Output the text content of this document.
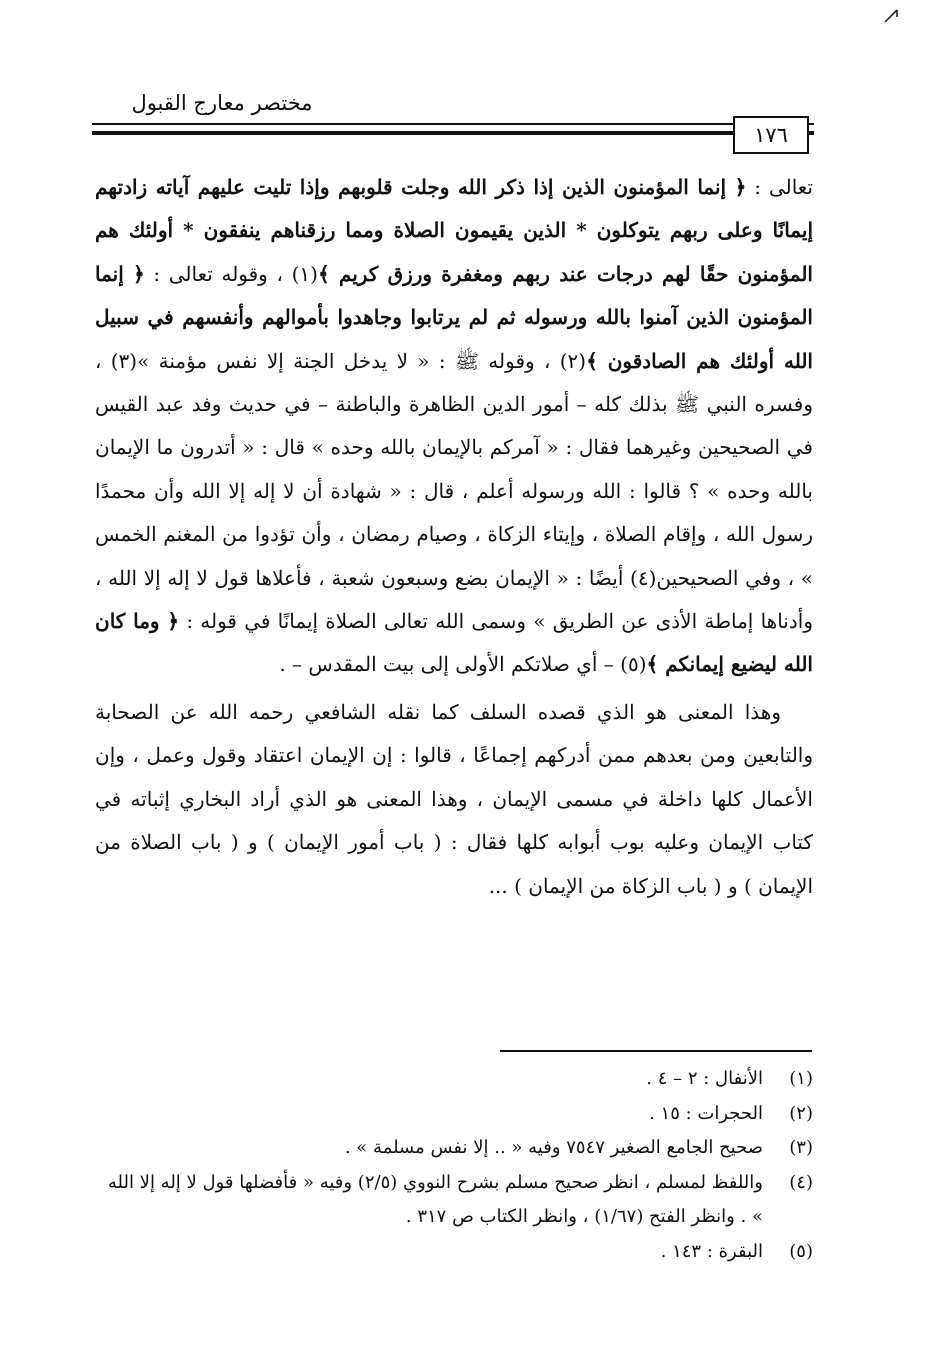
مختصر معارج القبول
١٧٦

تعالى : ﴿ إنما المؤمنون الذين إذا ذكر الله وجلت قلوبهم وإذا تليت عليهم آياته زادتهم إيمانًا وعلى ربهم يتوكلون * الذين يقيمون الصلاة ومما رزقناهم ينفقون * أولئك هم المؤمنون حقًا لهم درجات عند ربهم ومغفرة ورزق كريم ﴾(١) ، وقوله تعالى : ﴿ إنما المؤمنون الذين آمنوا بالله ورسوله ثم لم يرتابوا وجاهدوا بأموالهم وأنفسهم في سبيل الله أولئك هم الصادقون ﴾(٢) ، وقوله ﷺ : « لا يدخل الجنة إلا نفس مؤمنة »(٣) ، وفسره النبي ﷺ بذلك كله – أمور الدين الظاهرة والباطنة – في حديث وفد عبد القيس في الصحيحين وغيرهما فقال : « آمركم بالإيمان بالله وحده » قال : « أتدرون ما الإيمان بالله وحده » ؟ قالوا : الله ورسوله أعلم ، قال : « شهادة أن لا إله إلا الله وأن محمدًا رسول الله ، وإقام الصلاة ، وإيتاء الزكاة ، وصيام رمضان ، وأن تؤدوا من المغنم الخمس » ، وفي الصحيحين(٤) أيضًا : « الإيمان بضع وسبعون شعبة ، فأعلاها قول لا إله إلا الله ، وأدناها إماطة الأذى عن الطريق » وسمى الله تعالى الصلاة إيمانًا في قوله : ﴿ وما كان الله ليضيع إيمانكم ﴾(٥) – أي صلاتكم الأولى إلى بيت المقدس – .

وهذا المعنى هو الذي قصده السلف كما نقله الشافعي رحمه الله عن الصحابة والتابعين ومن بعدهم ممن أدركهم إجماعًا ، قالوا : إن الإيمان اعتقاد وقول وعمل ، وإن الأعمال كلها داخلة في مسمى الإيمان ، وهذا المعنى هو الذي أراد البخاري إثباته في كتاب الإيمان وعليه بوب أبوابه كلها فقال : ( باب أمور الإيمان ) و ( باب الصلاة من الإيمان ) و ( باب الزكاة من الإيمان ) ...

(١)
الأنفال : ٢ – ٤ .
(٢)
الحجرات : ١٥ .
(٣)
صحيح الجامع الصغير ٧٥٤٧ وفيه « .. إلا نفس مسلمة » .
(٤)
واللفظ لمسلم ، انظر صحيح مسلم بشرح النووي (٢/٥) وفيه « فأفضلها قول لا إله إلا الله » . وانظر الفتح (١/٦٧) ، وانظر الكتاب ص ٣١٧ .
(٥)
البقرة : ١٤٣ .
